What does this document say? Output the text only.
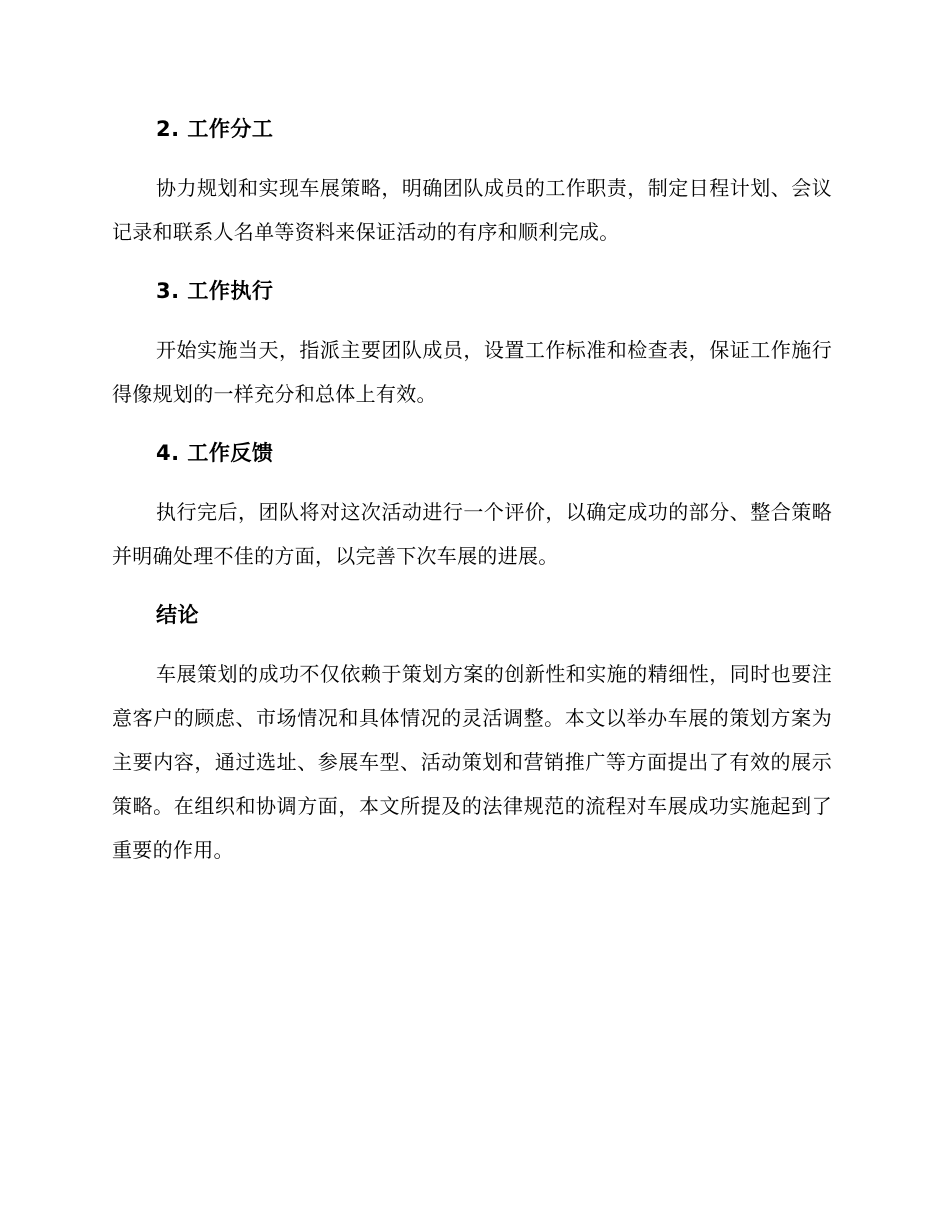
2. 工作分工

协力规划和实现车展策略，明确团队成员的工作职责，制定日程计划、会议记录和联系人名单等资料来保证活动的有序和顺利完成。

3. 工作执行

开始实施当天，指派主要团队成员，设置工作标准和检查表，保证工作施行得像规划的一样充分和总体上有效。

4. 工作反馈

执行完后，团队将对这次活动进行一个评价，以确定成功的部分、整合策略并明确处理不佳的方面，以完善下次车展的进展。

结论

车展策划的成功不仅依赖于策划方案的创新性和实施的精细性，同时也要注意客户的顾虑、市场情况和具体情况的灵活调整。本文以举办车展的策划方案为主要内容，通过选址、参展车型、活动策划和营销推广等方面提出了有效的展示策略。在组织和协调方面，本文所提及的法律规范的流程对车展成功实施起到了重要的作用。
